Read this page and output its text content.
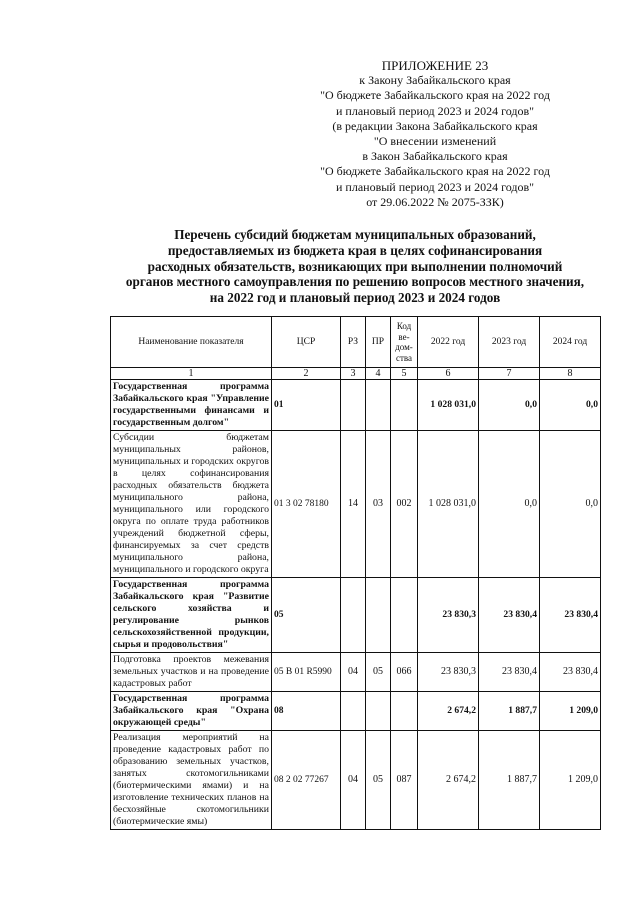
ПРИЛОЖЕНИЕ 23
к Закону Забайкальского края
"О бюджете Забайкальского края на 2022 год
и плановый период 2023 и 2024 годов"
(в редакции Закона Забайкальского края
"О внесении изменений
в Закон Забайкальского края
"О бюджете Забайкальского края на 2022 год
и плановый период 2023 и 2024 годов"
от 29.06.2022 № 2075-ЗЗК)
Перечень субсидий бюджетам муниципальных образований,
предоставляемых из бюджета края в целях софинансирования
расходных обязательств, возникающих при выполнении полномочий
органов местного самоуправления по решению вопросов местного значения,
на 2022 год и плановый период 2023 и 2024 годов
Наименование показателя	ЦСР	РЗ	ПР	Код ве- дом- ства	2022 год	2023 год	2024 год
1	2	3	4	5	6	7	8
Государственная программа Забайкальского края "Управление государственными финансами и государственным долгом"	01				1 028 031,0	0,0	0,0
Субсидии бюджетам муниципальных районов, муниципальных и городских округов в целях софинансирования расходных обязательств бюджета муниципального района, муниципального или городского округа по оплате труда работников учреждений бюджетной сферы, финансируемых за счет средств муниципального района, муниципального и городского округа	01 3 02 78180	14	03	002	1 028 031,0	0,0	0,0
Государственная программа Забайкальского края "Развитие сельского хозяйства и регулирование рынков сельскохозяйственной продукции, сырья и продовольствия"	05				23 830,3	23 830,4	23 830,4
Подготовка проектов межевания земельных участков и на проведение кадастровых работ	05 В 01 R5990	04	05	066	23 830,3	23 830,4	23 830,4
Государственная программа Забайкальского края "Охрана окружающей среды"	08				2 674,2	1 887,7	1 209,0
Реализация мероприятий на проведение кадастровых работ по образованию земельных участков, занятых скотомогильниками (биотермическими ямами) и на изготовление технических планов на бесхозяйные скотомогильники (биотермические ямы)	08 2 02 77267	04	05	087	2 674,2	1 887,7	1 209,0
